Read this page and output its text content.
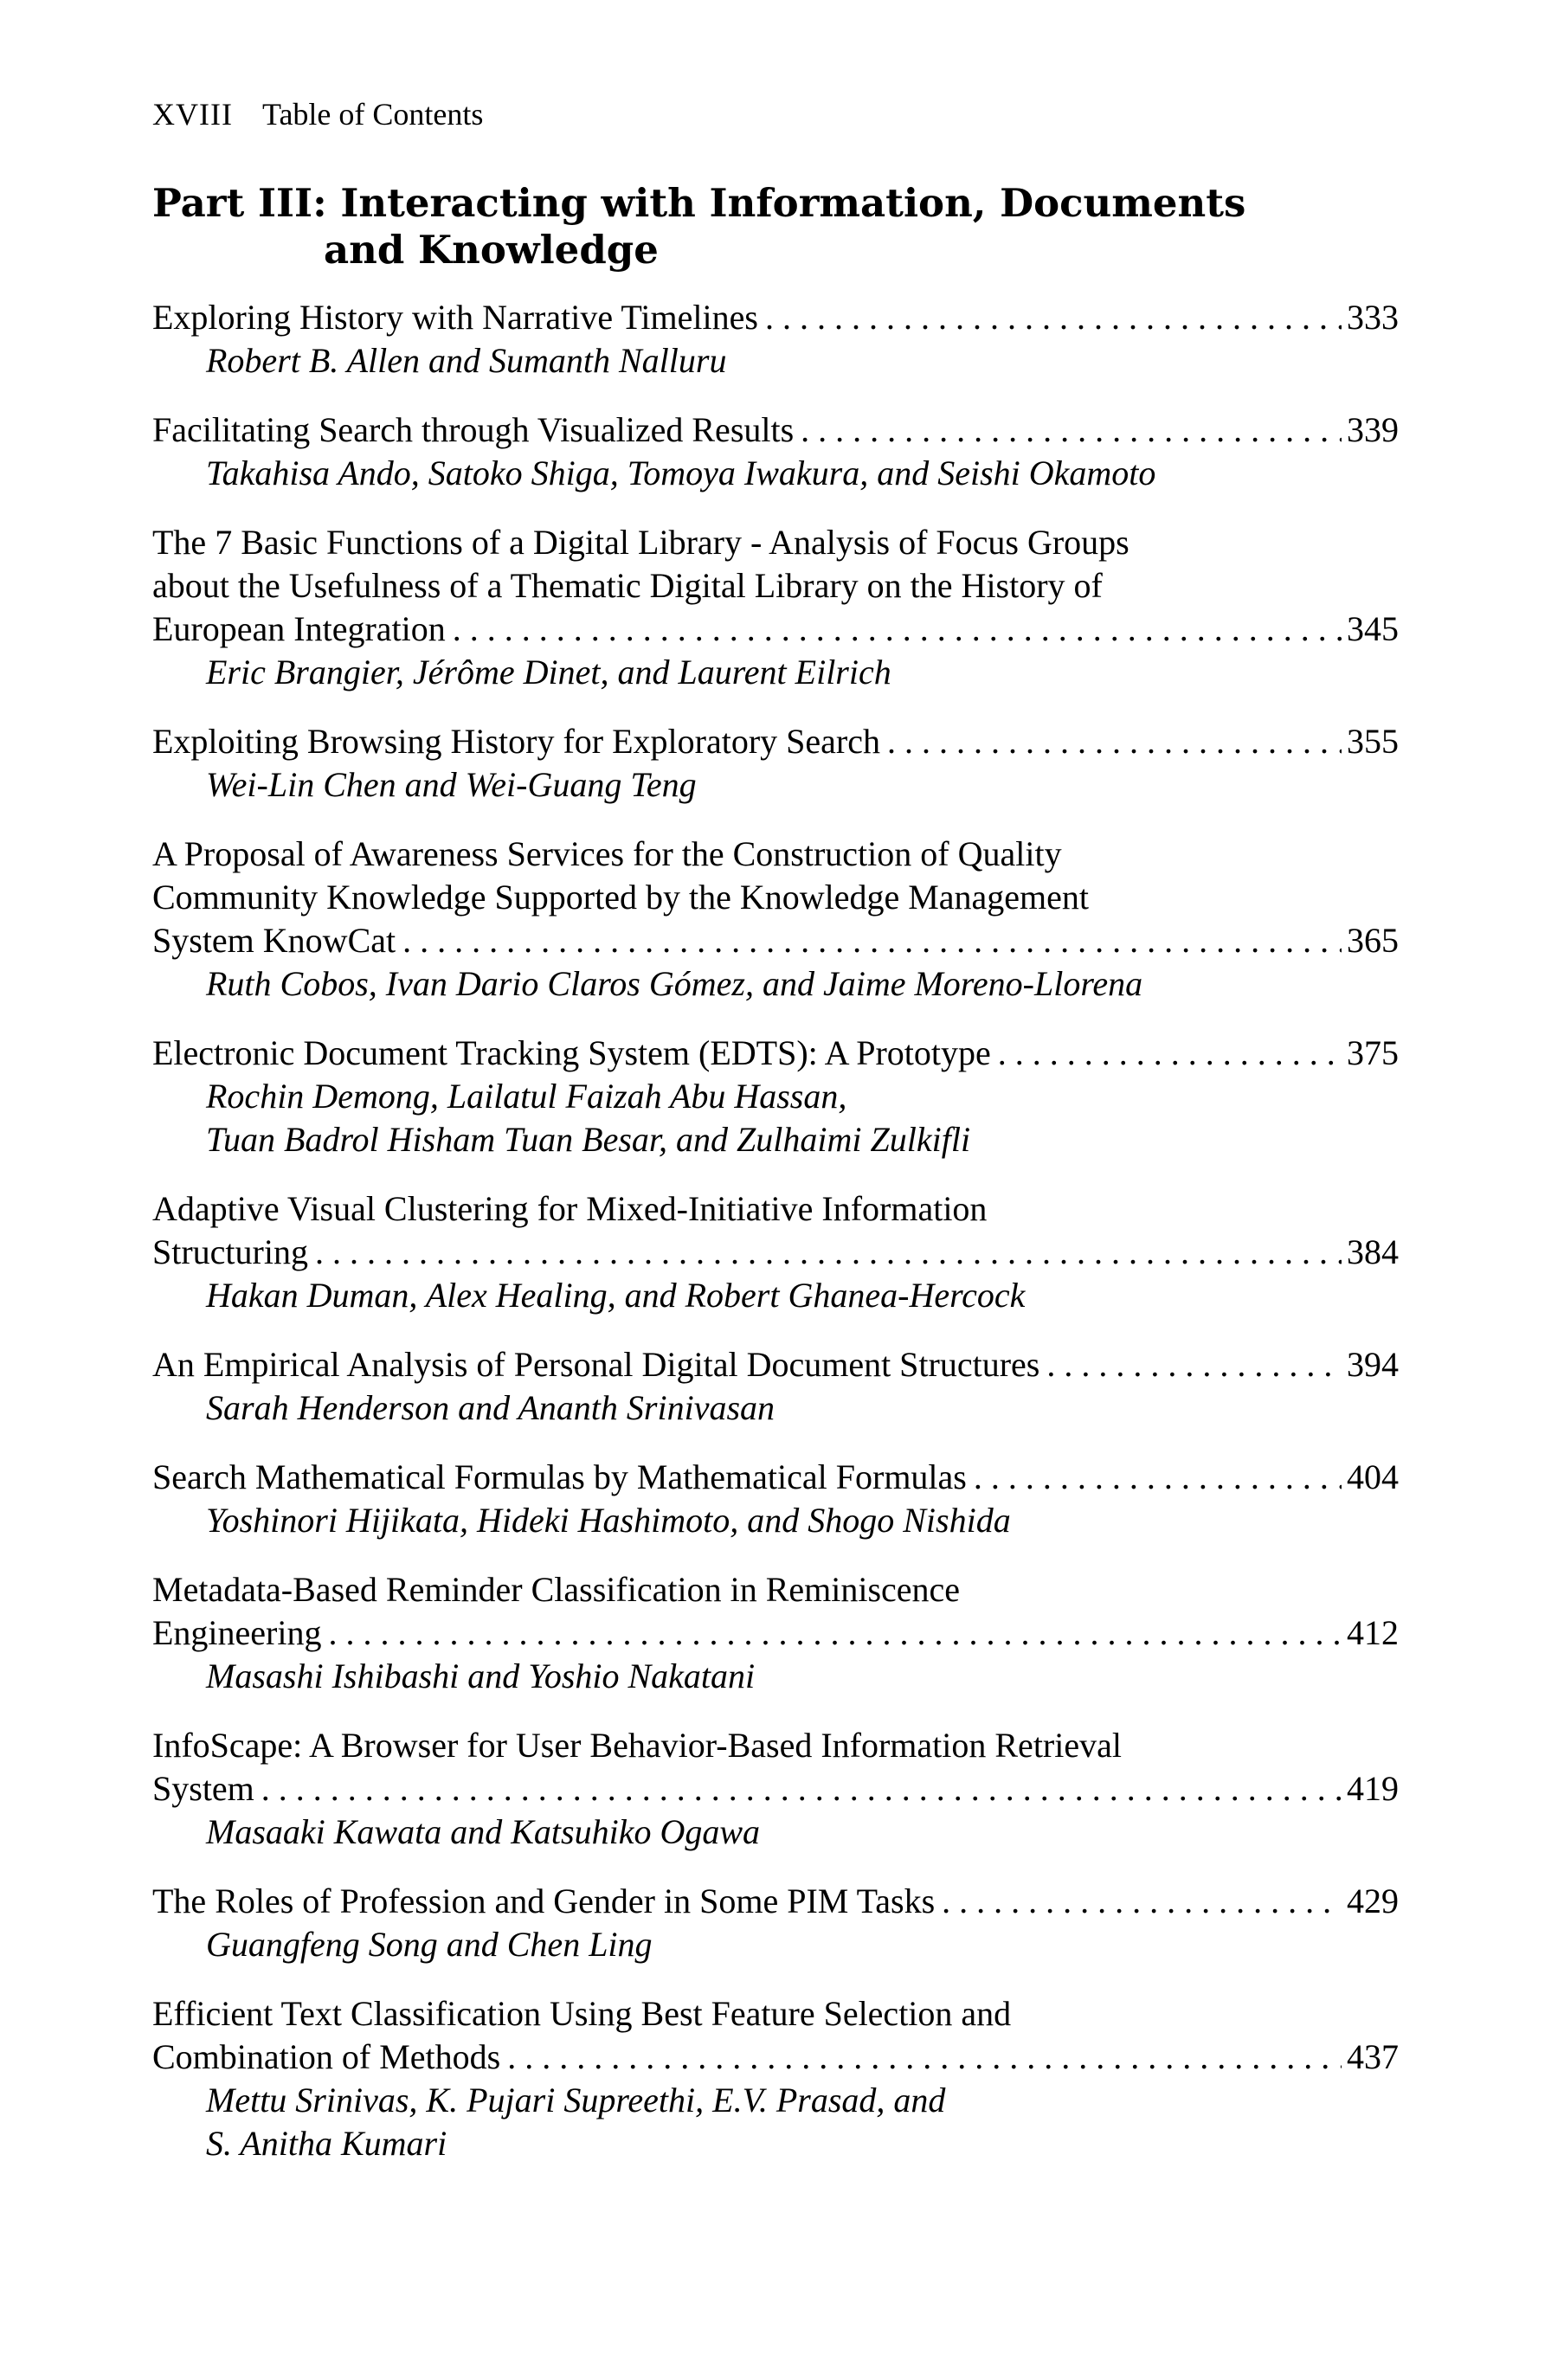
XVIII Table of Contents
Part III: Interacting with Information, Documents
and Knowledge
Exploring History with Narrative Timelines . . .	333
Robert B. Allen and Sumanth Nalluru
Facilitating Search through Visualized Results . . .	339
Takahisa Ando, Satoko Shiga, Tomoya Iwakura, and Seishi Okamoto
The 7 Basic Functions of a Digital Library - Analysis of Focus Groups
about the Usefulness of a Thematic Digital Library on the History of
European Integration . . .	345
Eric Brangier, Jérôme Dinet, and Laurent Eilrich
Exploiting Browsing History for Exploratory Search . . .	355
Wei-Lin Chen and Wei-Guang Teng
A Proposal of Awareness Services for the Construction of Quality
Community Knowledge Supported by the Knowledge Management
System KnowCat . . .	365
Ruth Cobos, Ivan Dario Claros Gómez, and Jaime Moreno-Llorena
Electronic Document Tracking System (EDTS): A Prototype . . .	375
Rochin Demong, Lailatul Faizah Abu Hassan,
Tuan Badrol Hisham Tuan Besar, and Zulhaimi Zulkifli
Adaptive Visual Clustering for Mixed-Initiative Information
Structuring . . .	384
Hakan Duman, Alex Healing, and Robert Ghanea-Hercock
An Empirical Analysis of Personal Digital Document Structures . . .	394
Sarah Henderson and Ananth Srinivasan
Search Mathematical Formulas by Mathematical Formulas . . .	404
Yoshinori Hijikata, Hideki Hashimoto, and Shogo Nishida
Metadata-Based Reminder Classification in Reminiscence
Engineering . . .	412
Masashi Ishibashi and Yoshio Nakatani
InfoScape: A Browser for User Behavior-Based Information Retrieval
System . . .	419
Masaaki Kawata and Katsuhiko Ogawa
The Roles of Profession and Gender in Some PIM Tasks . . .	429
Guangfeng Song and Chen Ling
Efficient Text Classification Using Best Feature Selection and
Combination of Methods . . .	437
Mettu Srinivas, K. Pujari Supreethi, E.V. Prasad, and
S. Anitha Kumari
